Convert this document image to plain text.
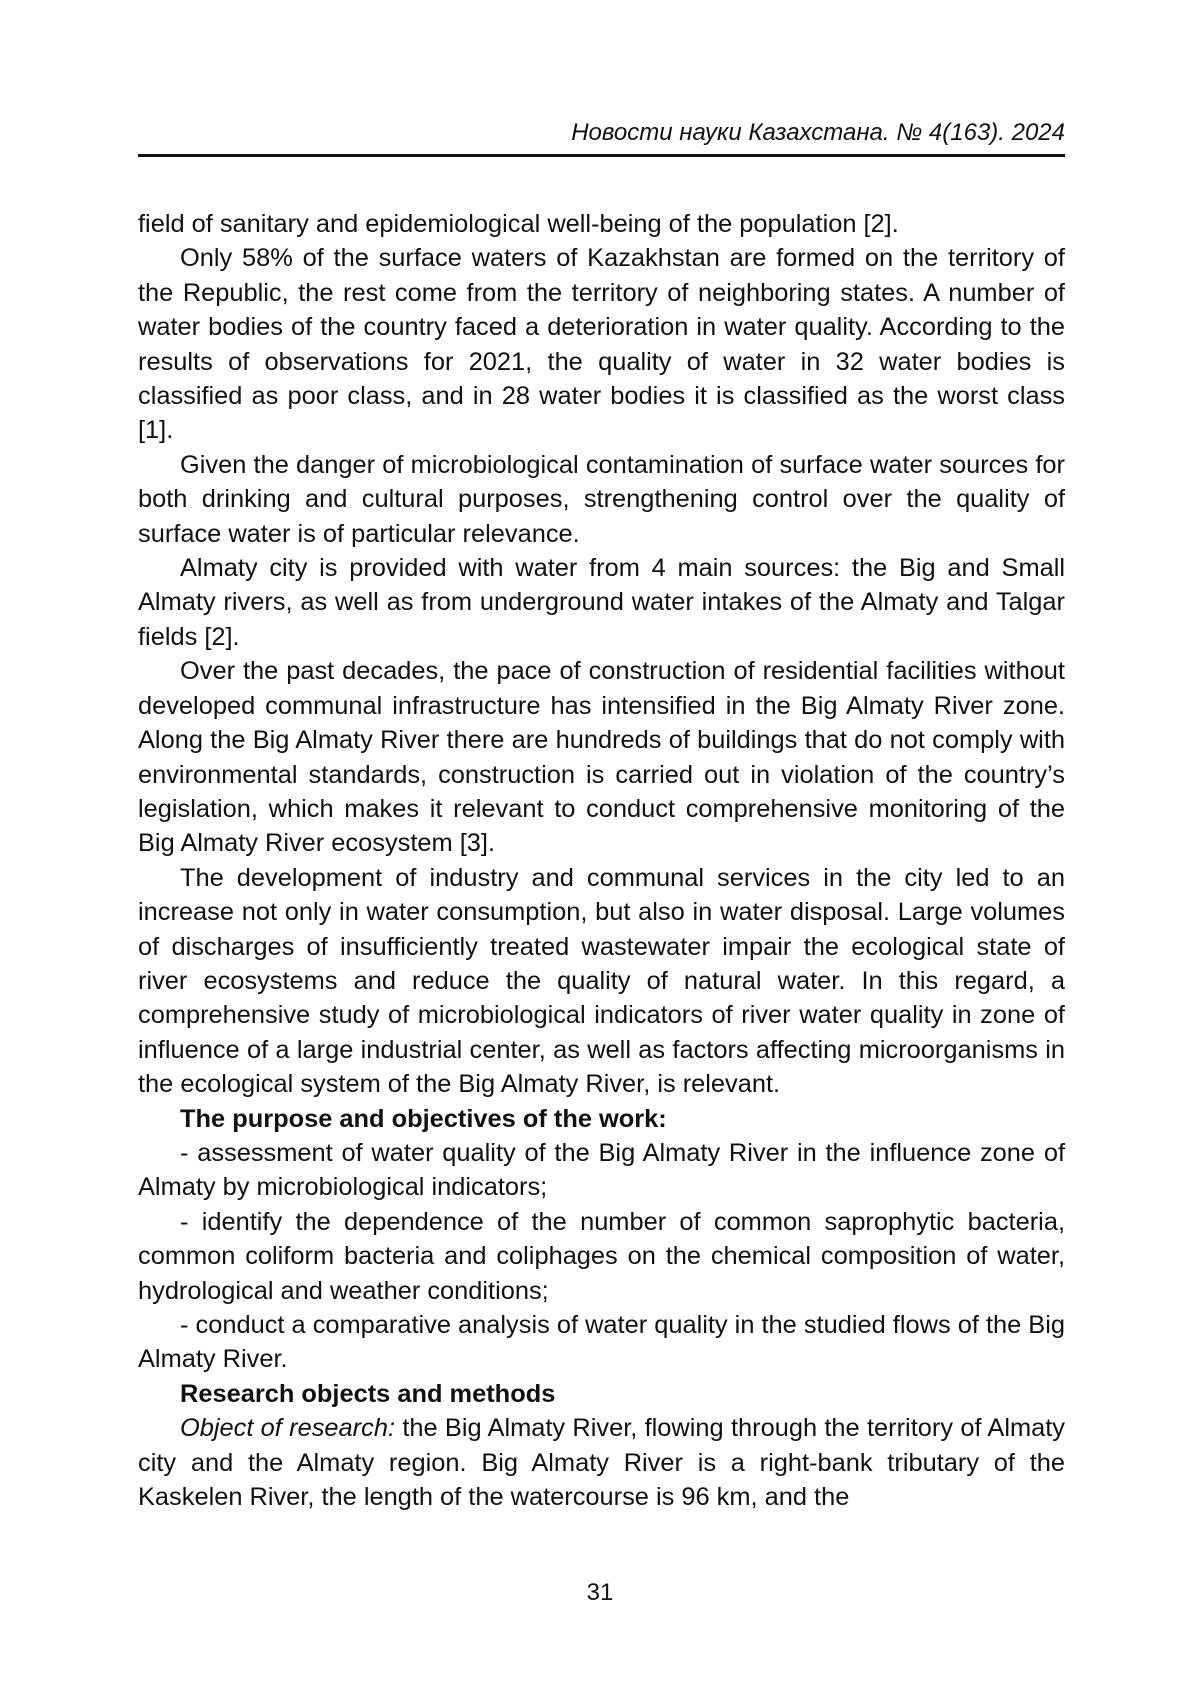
Новости науки Казахстана. № 4(163). 2024

field of sanitary and epidemiological well-being of the population [2].

Only 58% of the surface waters of Kazakhstan are formed on the territory of the Republic, the rest come from the territory of neighboring states. A number of water bodies of the country faced a deterioration in water quality. According to the results of observations for 2021, the quality of water in 32 water bodies is classified as poor class, and in 28 water bodies it is classified as the worst class [1].

Given the danger of microbiological contamination of surface water sources for both drinking and cultural purposes, strengthening control over the quality of surface water is of particular relevance.

Almaty city is provided with water from 4 main sources: the Big and Small Almaty rivers, as well as from underground water intakes of the Almaty and Talgar fields [2].

Over the past decades, the pace of construction of residential facilities without developed communal infrastructure has intensified in the Big Almaty River zone. Along the Big Almaty River there are hundreds of buildings that do not comply with environmental standards, construction is carried out in violation of the country’s legislation, which makes it relevant to conduct comprehensive monitoring of the Big Almaty River ecosystem [3].

The development of industry and communal services in the city led to an increase not only in water consumption, but also in water disposal. Large volumes of discharges of insufficiently treated wastewater impair the ecological state of river ecosystems and reduce the quality of natural water. In this regard, a comprehensive study of microbiological indicators of river water quality in zone of influence of a large industrial center, as well as factors affecting microorganisms in the ecological system of the Big Almaty River, is relevant.

The purpose and objectives of the work:

- assessment of water quality of the Big Almaty River in the influence zone of Almaty by microbiological indicators;

- identify the dependence of the number of common saprophytic bacteria, common coliform bacteria and coliphages on the chemical composition of water, hydrological and weather conditions;

- conduct a comparative analysis of water quality in the studied flows of the Big Almaty River.

Research objects and methods

Object of research: the Big Almaty River, flowing through the territory of Almaty city and the Almaty region. Big Almaty River is a right-bank tributary of the Kaskelen River, the length of the watercourse is 96 km, and the

31
